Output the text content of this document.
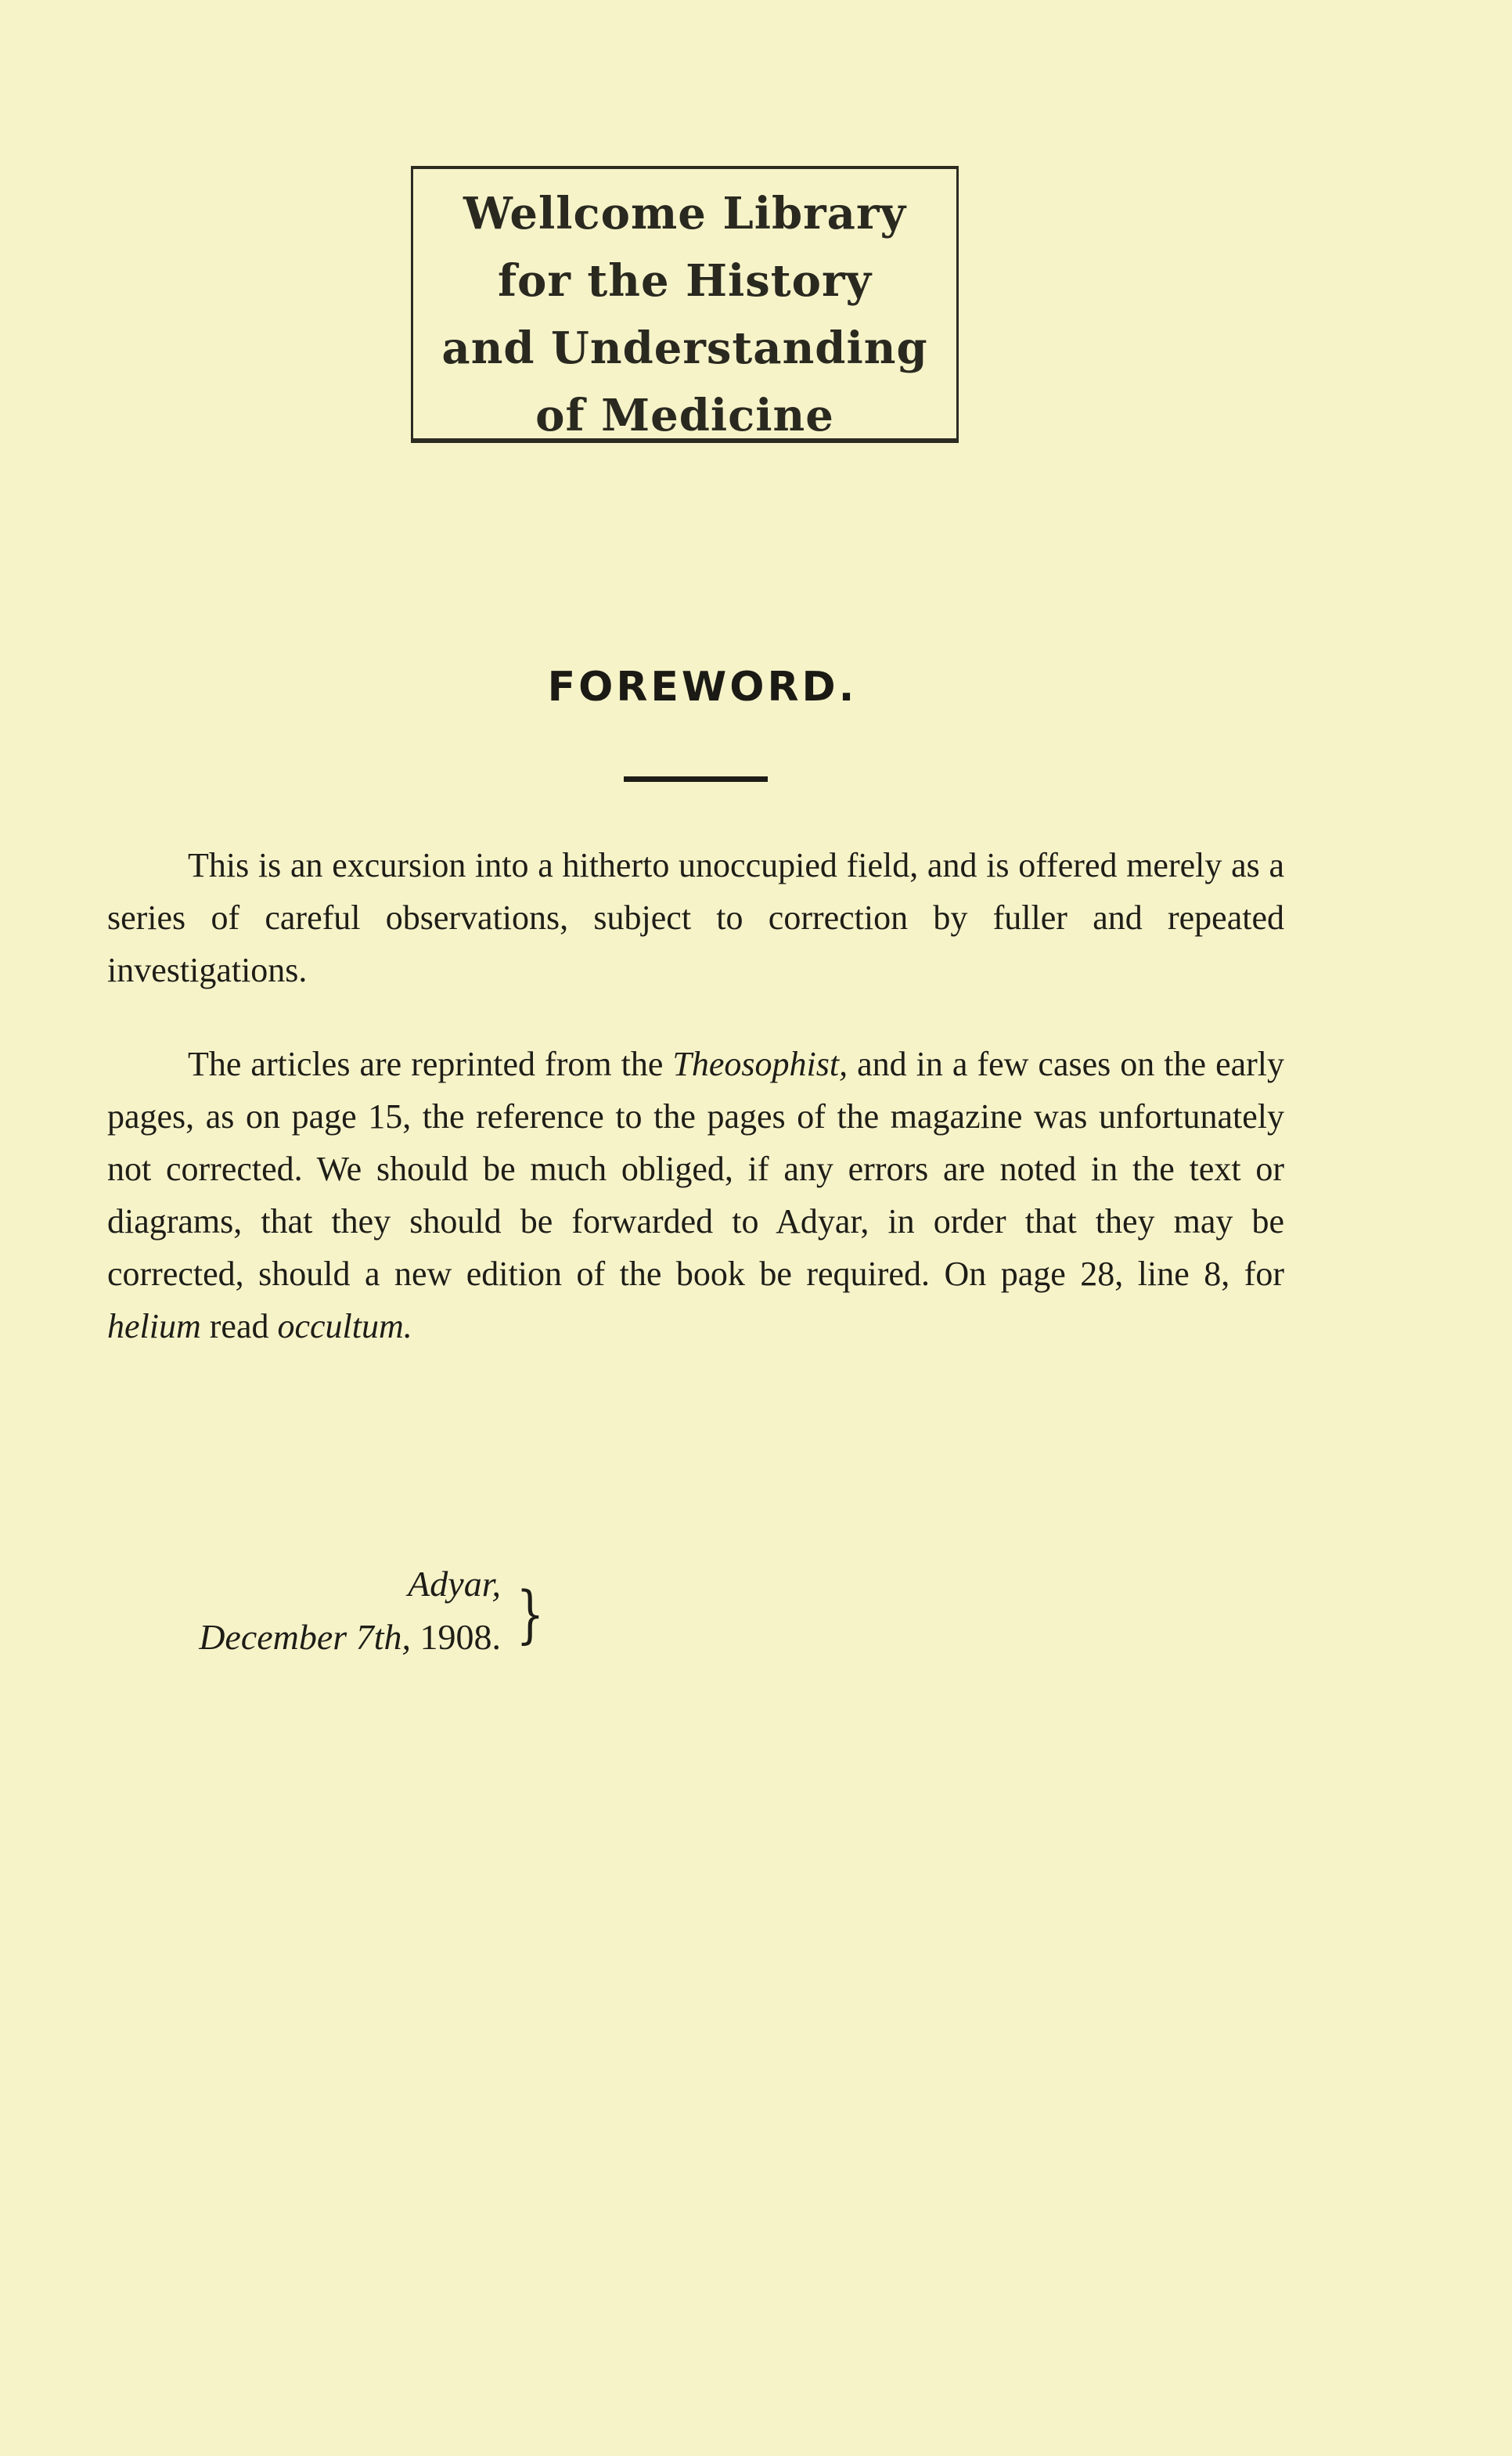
Wellcome Library
for the History
and Understanding
of Medicine
FOREWORD.

This is an excursion into a hitherto unoccupied field, and is offered merely as a series of careful observations, subject to correction by fuller and repeated investigations.

The articles are reprinted from the Theosophist, and in a few cases on the early pages, as on page 15, the reference to the pages of the magazine was unfortunately not corrected. We should be much obliged, if any errors are noted in the text or diagrams, that they should be forwarded to Adyar, in order that they may be corrected, should a new edition of the book be required. On page 28, line 8, for helium read occultum.

Adyar,
December 7th, 1908. }
